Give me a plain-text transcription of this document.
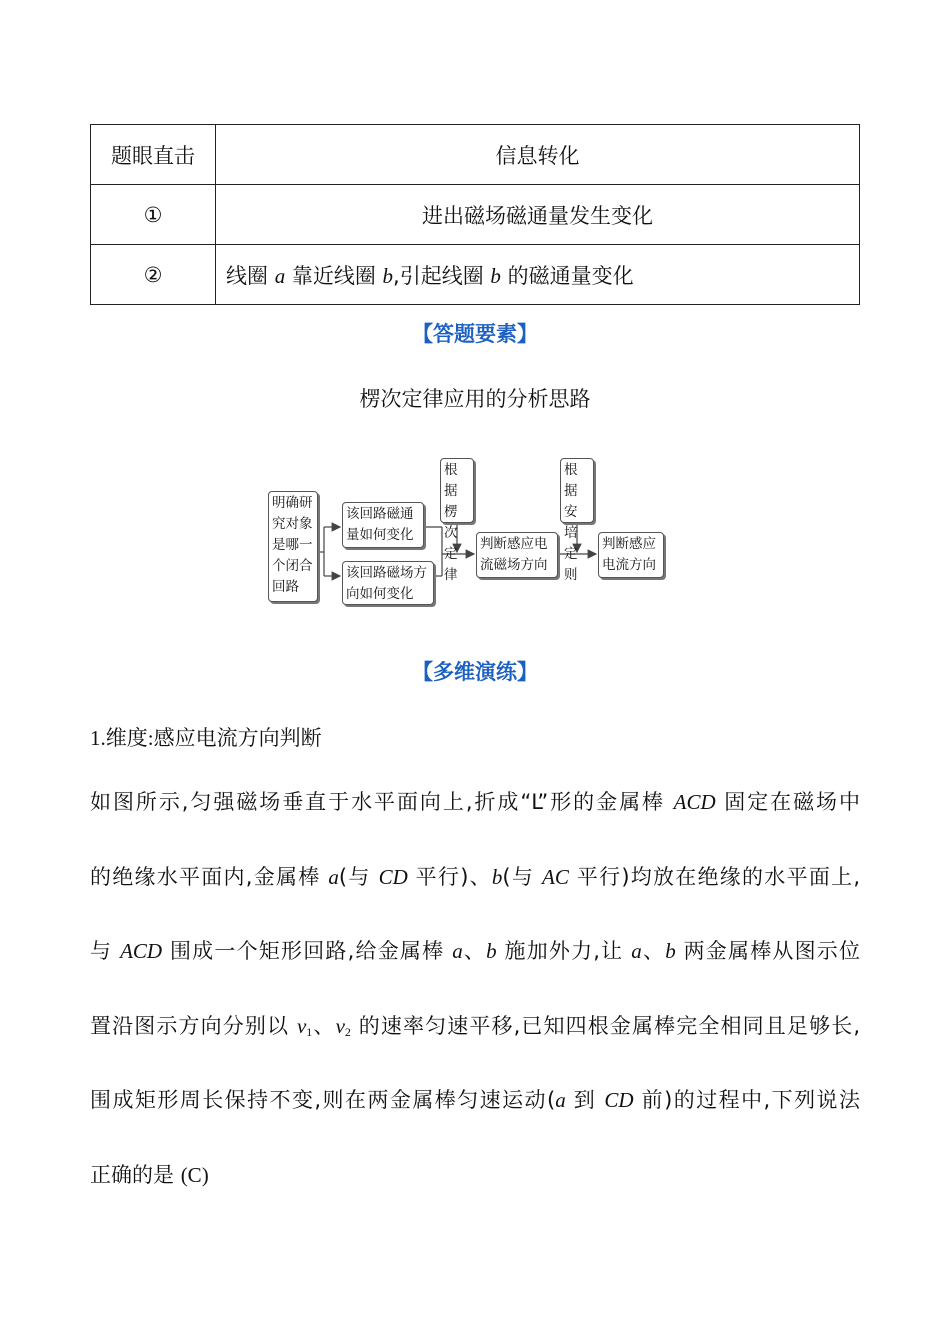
题眼直击	信息转化
①	进出磁场磁通量发生变化
②	线圈 a 靠近线圈 b,引起线圈 b 的磁通量变化
【答题要素】
楞次定律应用的分析思路
明确研究对象是哪一个闭合回路
该回路磁通量如何变化
该回路磁场方向如何变化
根据楞次定律
判断感应电流磁场方向
根据安培定则
判断感应电流方向
【多维演练】
1.维度:感应电流方向判断
如图所示,匀强磁场垂直于水平面向上,折成“L”形的金属棒 ACD 固定在磁场中
的绝缘水平面内,金属棒 a(与 CD 平行)、b(与 AC 平行)均放在绝缘的水平面上,
与 ACD 围成一个矩形回路,给金属棒 a、b 施加外力,让 a、b 两金属棒从图示位
置沿图示方向分别以 $v_1$、$v_2$ 的速率匀速平移,已知四根金属棒完全相同且足够长,
围成矩形周长保持不变,则在两金属棒匀速运动(a 到 CD 前)的过程中,下列说法
正确的是 (C)
